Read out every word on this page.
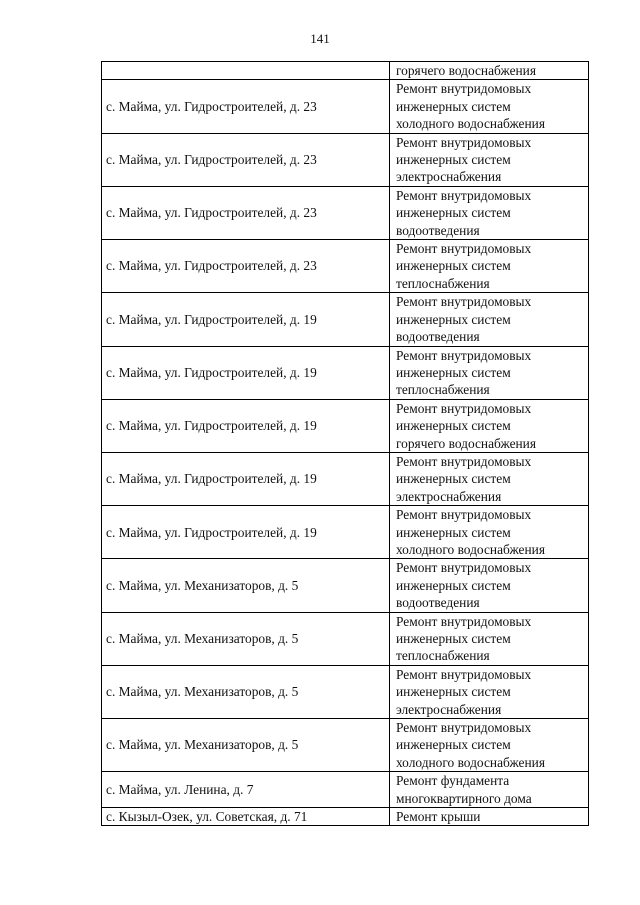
141

	горячего водоснабжения

с. Майма, ул. Гидростроителей, д. 23	Ремонт внутридомовых
инженерных систем
холодного водоснабжения

с. Майма, ул. Гидростроителей, д. 23	Ремонт внутридомовых
инженерных систем
электроснабжения

с. Майма, ул. Гидростроителей, д. 23	Ремонт внутридомовых
инженерных систем
водоотведения

с. Майма, ул. Гидростроителей, д. 23	Ремонт внутридомовых
инженерных систем
теплоснабжения

с. Майма, ул. Гидростроителей, д. 19	Ремонт внутридомовых
инженерных систем
водоотведения

с. Майма, ул. Гидростроителей, д. 19	Ремонт внутридомовых
инженерных систем
теплоснабжения

с. Майма, ул. Гидростроителей, д. 19	Ремонт внутридомовых
инженерных систем
горячего водоснабжения

с. Майма, ул. Гидростроителей, д. 19	Ремонт внутридомовых
инженерных систем
электроснабжения

с. Майма, ул. Гидростроителей, д. 19	Ремонт внутридомовых
инженерных систем
холодного водоснабжения

с. Майма, ул. Механизаторов, д. 5	Ремонт внутридомовых
инженерных систем
водоотведения

с. Майма, ул. Механизаторов, д. 5	Ремонт внутридомовых
инженерных систем
теплоснабжения

с. Майма, ул. Механизаторов, д. 5	Ремонт внутридомовых
инженерных систем
электроснабжения

с. Майма, ул. Механизаторов, д. 5	Ремонт внутридомовых
инженерных систем
холодного водоснабжения

с. Майма, ул. Ленина, д. 7	Ремонт фундамента
многоквартирного дома

с. Кызыл-Озек, ул. Советская, д. 71	Ремонт крыши
